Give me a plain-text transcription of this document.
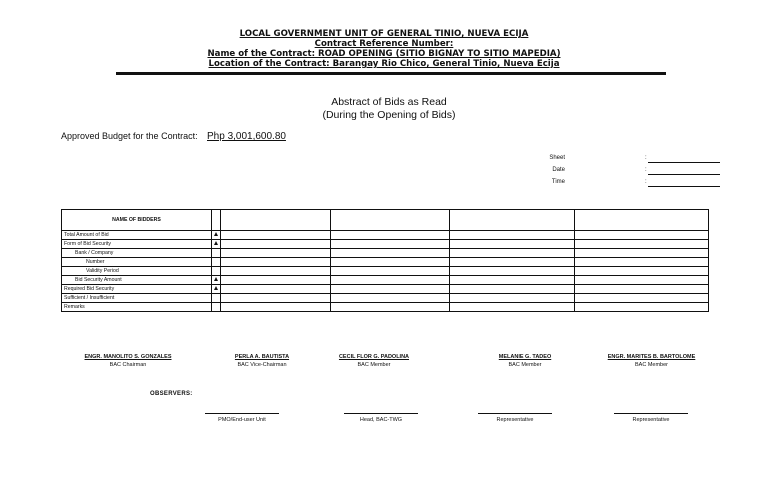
LOCAL GOVERNMENT UNIT OF GENERAL TINIO, NUEVA ECIJA
Contract Reference Number:
Name of the Contract: ROAD OPENING (SITIO BIGNAY TO SITIO MAPEDIA)
Location of the Contract: Barangay Rio Chico, General Tinio, Nueva Ecija
Abstract of Bids as Read
(During the Opening of Bids)
Approved Budget for the Contract: Php 3,001,600.80
Sheet	:
Date	:
Time	:
NAME OF BIDDERS					
Total Amount of Bid					
Form of Bid Security					
Bank / Company					
Number					
Validity Period					
Bid Security Amount					
Required Bid Security					
Sufficient / Insufficient					
Remarks					
ENGR. MANOLITO S. GONZALES
BAC Chairman
PERLA A. BAUTISTA
BAC Vice-Chairman
CECIL FLOR G. PADOLINA
BAC Member
MELANIE G. TADEO
BAC Member
ENGR. MARITES B. BARTOLOME
BAC Member
OBSERVERS:
PMO/End-user Unit	Head, BAC-TWG	Representative	Representative
